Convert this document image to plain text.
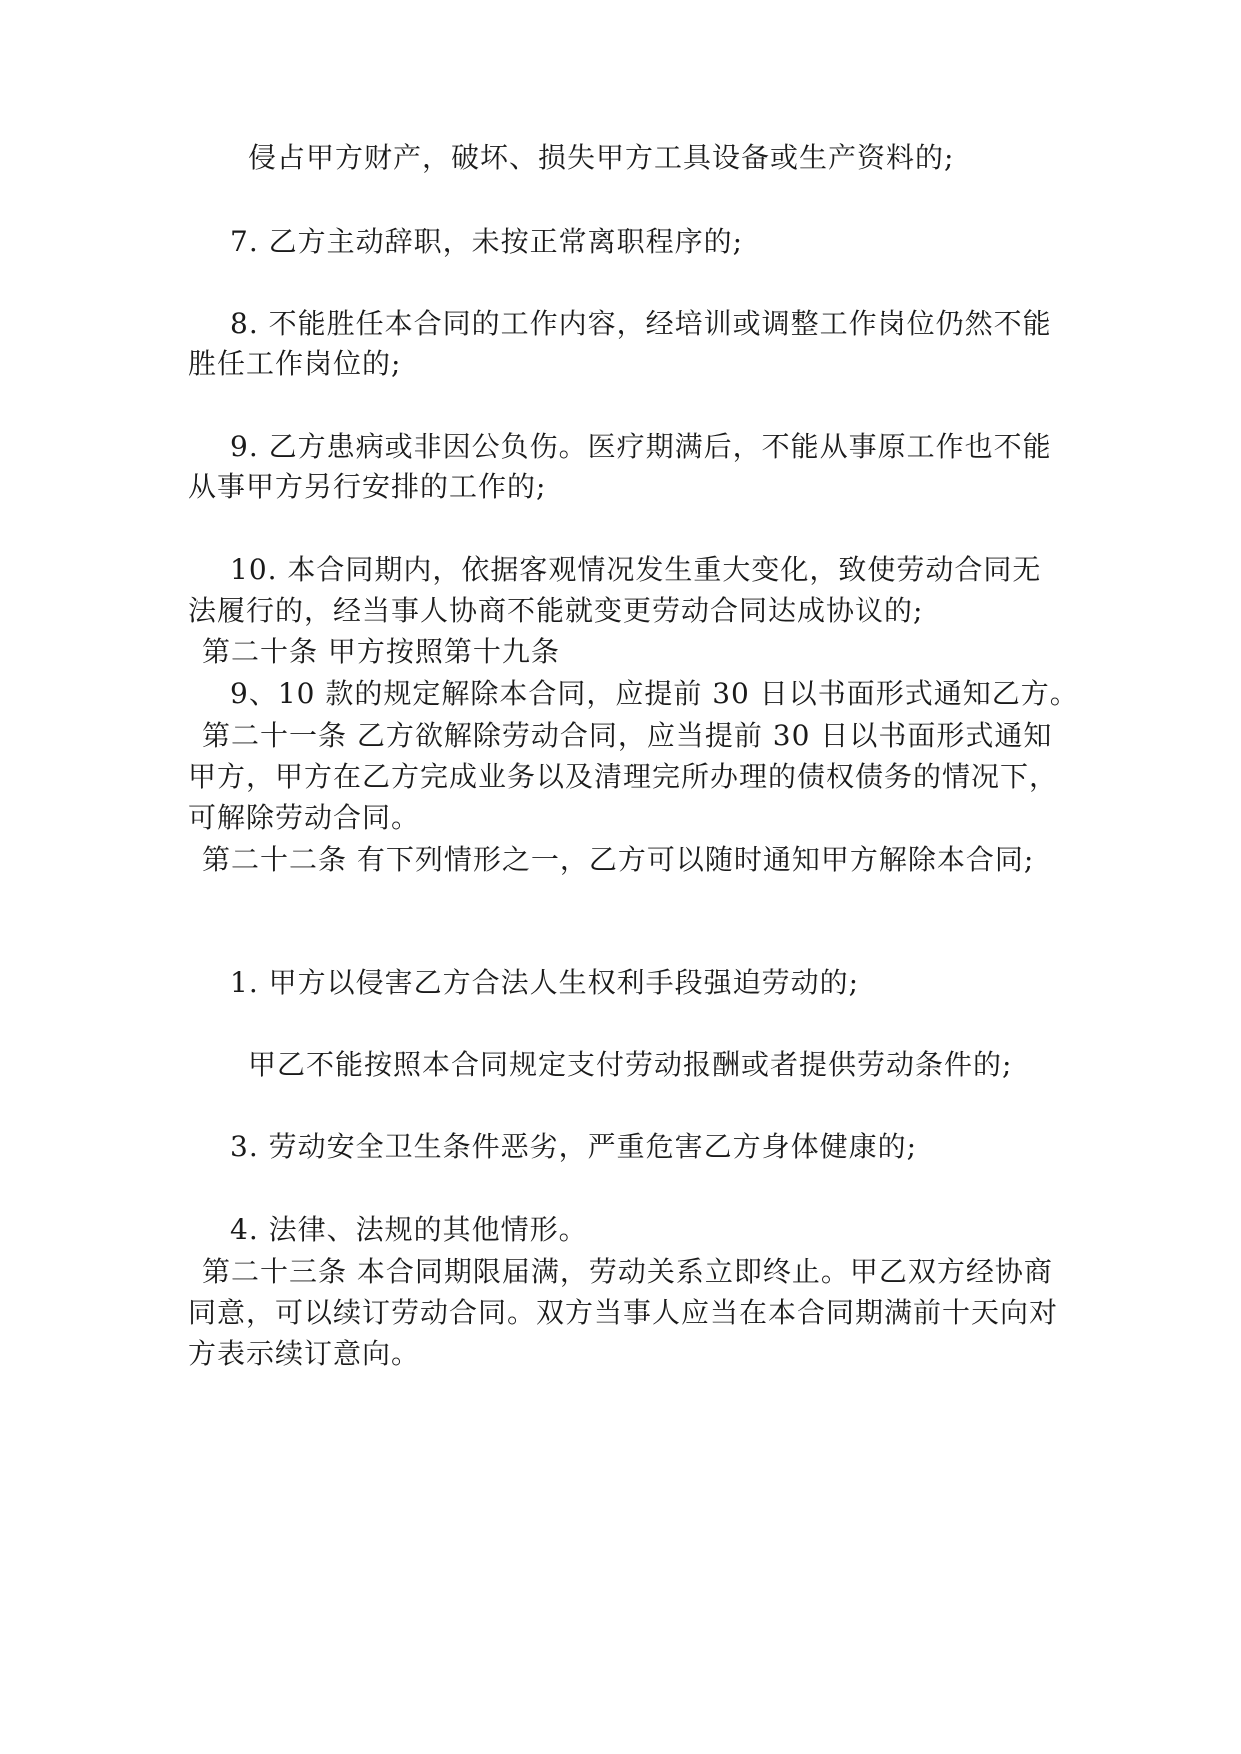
侵占甲方财产，破坏、损失甲方工具设备或生产资料的;
7. 乙方主动辞职，未按正常离职程序的;
8. 不能胜任本合同的工作内容，经培训或调整工作岗位仍然不能
胜任工作岗位的;
9. 乙方患病或非因公负伤。医疗期满后，不能从事原工作也不能
从事甲方另行安排的工作的;
10. 本合同期内，依据客观情况发生重大变化，致使劳动合同无
法履行的，经当事人协商不能就变更劳动合同达成协议的;
第二十条 甲方按照第十九条
9、10 款的规定解除本合同，应提前 30 日以书面形式通知乙方。
第二十一条 乙方欲解除劳动合同，应当提前 30 日以书面形式通知
甲方，甲方在乙方完成业务以及清理完所办理的债权债务的情况下，
可解除劳动合同。
第二十二条 有下列情形之一，乙方可以随时通知甲方解除本合同;
1. 甲方以侵害乙方合法人生权利手段强迫劳动的;
甲乙不能按照本合同规定支付劳动报酬或者提供劳动条件的;
3. 劳动安全卫生条件恶劣，严重危害乙方身体健康的;
4. 法律、法规的其他情形。
第二十三条 本合同期限届满，劳动关系立即终止。甲乙双方经协商
同意，可以续订劳动合同。双方当事人应当在本合同期满前十天向对
方表示续订意向。
